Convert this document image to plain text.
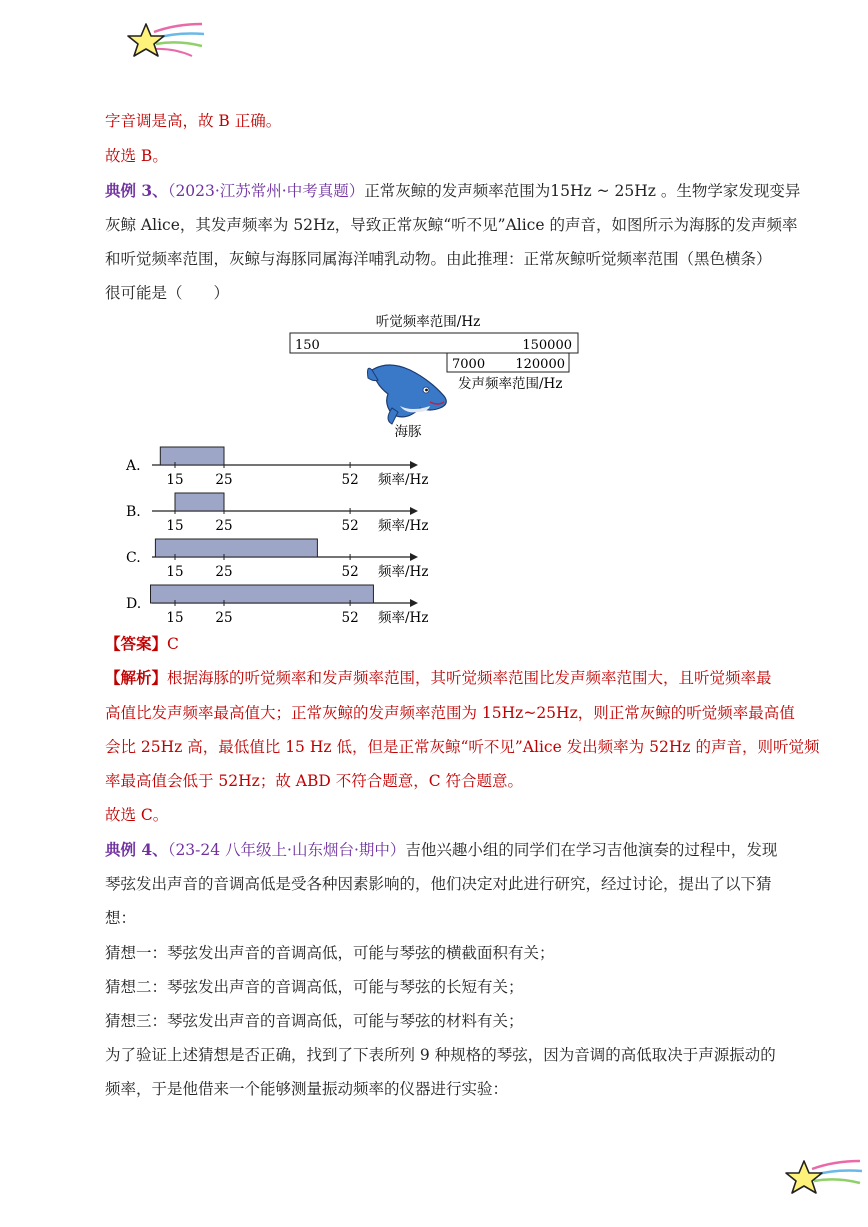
字音调是高，故 B 正确。
故选 B。
典例 3、（2023·江苏常州·中考真题）正常灰鲸的发声频率范围为15Hz ~ 25Hz 。生物学家发现变异
灰鲸 Alice，其发声频率为 52Hz，导致正常灰鲸“听不见”Alice 的声音，如图所示为海豚的发声频率
和听觉频率范围，灰鲸与海豚同属海洋哺乳动物。由此推理：正常灰鲸听觉频率范围（黑色横条）
很可能是（　　）
听觉频率范围/Hz
150	150000
7000 120000
发声频率范围/Hz
海豚
A.
15 25	52 频率/Hz
B.
15 25	52 频率/Hz
C.
15 25	52 频率/Hz
D.
15 25	52 频率/Hz
【答案】C
【解析】根据海豚的听觉频率和发声频率范围，其听觉频率范围比发声频率范围大，且听觉频率最
高值比发声频率最高值大；正常灰鲸的发声频率范围为 15Hz~25Hz，则正常灰鲸的听觉频率最高值
会比 25Hz 高，最低值比 15 Hz 低，但是正常灰鲸“听不见”Alice 发出频率为 52Hz 的声音，则听觉频
率最高值会低于 52Hz；故 ABD 不符合题意，C 符合题意。
故选 C。
典例 4、（23-24 八年级上·山东烟台·期中）吉他兴趣小组的同学们在学习吉他演奏的过程中，发现
琴弦发出声音的音调高低是受各种因素影响的，他们决定对此进行研究，经过讨论，提出了以下猜
想：
猜想一：琴弦发出声音的音调高低，可能与琴弦的横截面积有关；
猜想二：琴弦发出声音的音调高低，可能与琴弦的长短有关；
猜想三：琴弦发出声音的音调高低，可能与琴弦的材料有关；
为了验证上述猜想是否正确，找到了下表所列 9 种规格的琴弦，因为音调的高低取决于声源振动的
频率，于是他借来一个能够测量振动频率的仪器进行实验：
